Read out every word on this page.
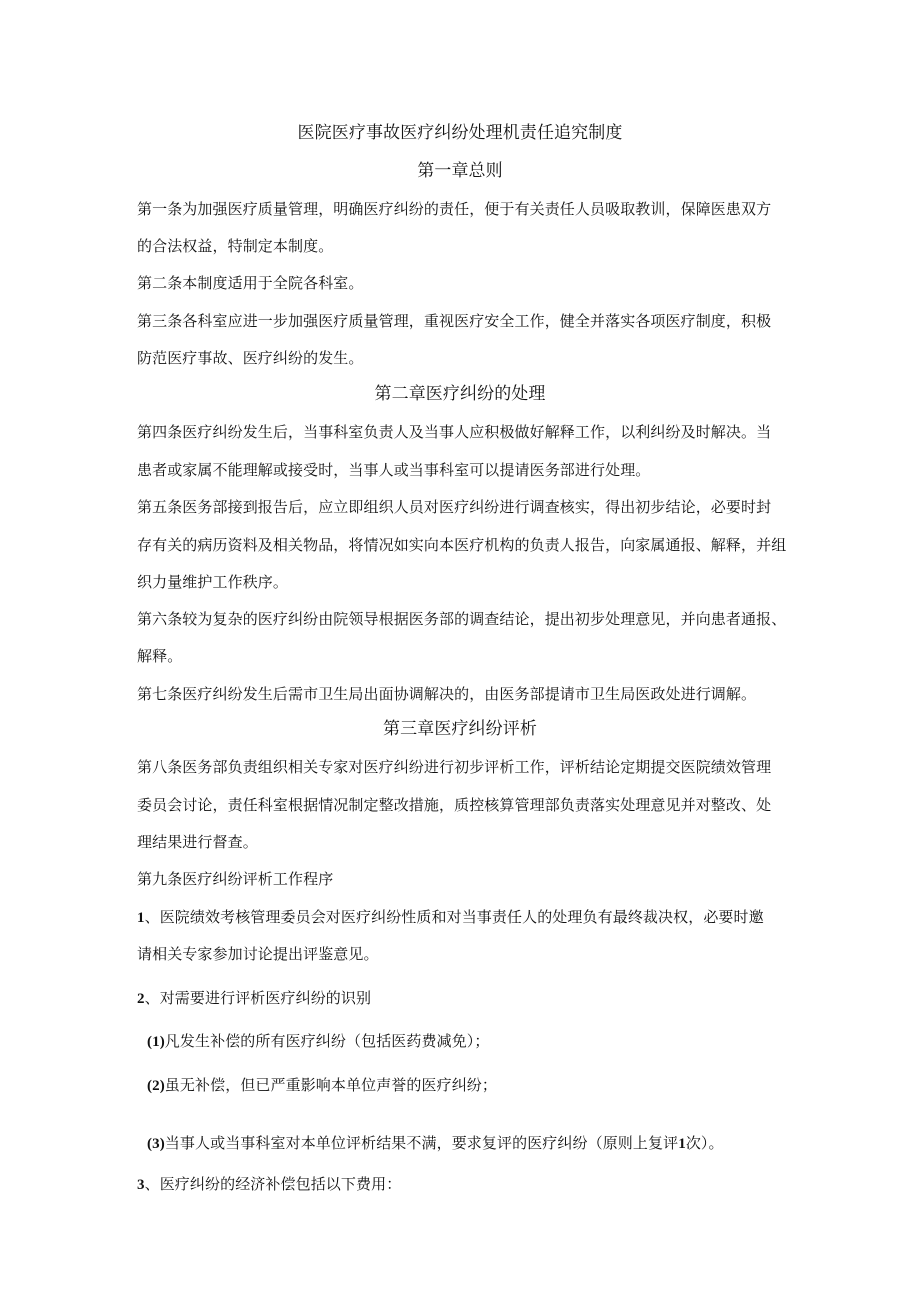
医院医疗事故医疗纠纷处理机责任追究制度
第一章总则
第一条为加强医疗质量管理，明确医疗纠纷的责任，便于有关责任人员吸取教训，保障医患双方
的合法权益，特制定本制度。
第二条本制度适用于全院各科室。
第三条各科室应进一步加强医疗质量管理，重视医疗安全工作，健全并落实各项医疗制度，积极
防范医疗事故、医疗纠纷的发生。
第二章医疗纠纷的处理
第四条医疗纠纷发生后，当事科室负责人及当事人应积极做好解释工作，以利纠纷及时解决。当
患者或家属不能理解或接受时，当事人或当事科室可以提请医务部进行处理。
第五条医务部接到报告后，应立即组织人员对医疗纠纷进行调查核实，得出初步结论，必要时封
存有关的病历资料及相关物品，将情况如实向本医疗机构的负责人报告，向家属通报、解释，并组
织力量维护工作秩序。
第六条较为复杂的医疗纠纷由院领导根据医务部的调查结论，提出初步处理意见，并向患者通报、
解释。
第七条医疗纠纷发生后需市卫生局出面协调解决的，由医务部提请市卫生局医政处进行调解。
第三章医疗纠纷评析
第八条医务部负责组织相关专家对医疗纠纷进行初步评析工作，评析结论定期提交医院绩效管理
委员会讨论，责任科室根据情况制定整改措施，质控核算管理部负责落实处理意见并对整改、处
理结果进行督查。
第九条医疗纠纷评析工作程序
1、医院绩效考核管理委员会对医疗纠纷性质和对当事责任人的处理负有最终裁决权，必要时邀
请相关专家参加讨论提出评鉴意见。
2、对需要进行评析医疗纠纷的识别
(1)凡发生补偿的所有医疗纠纷（包括医药费减免）；
(2)虽无补偿，但已严重影响本单位声誉的医疗纠纷；
(3)当事人或当事科室对本单位评析结果不满，要求复评的医疗纠纷（原则上复评1次）。
3、医疗纠纷的经济补偿包括以下费用：
